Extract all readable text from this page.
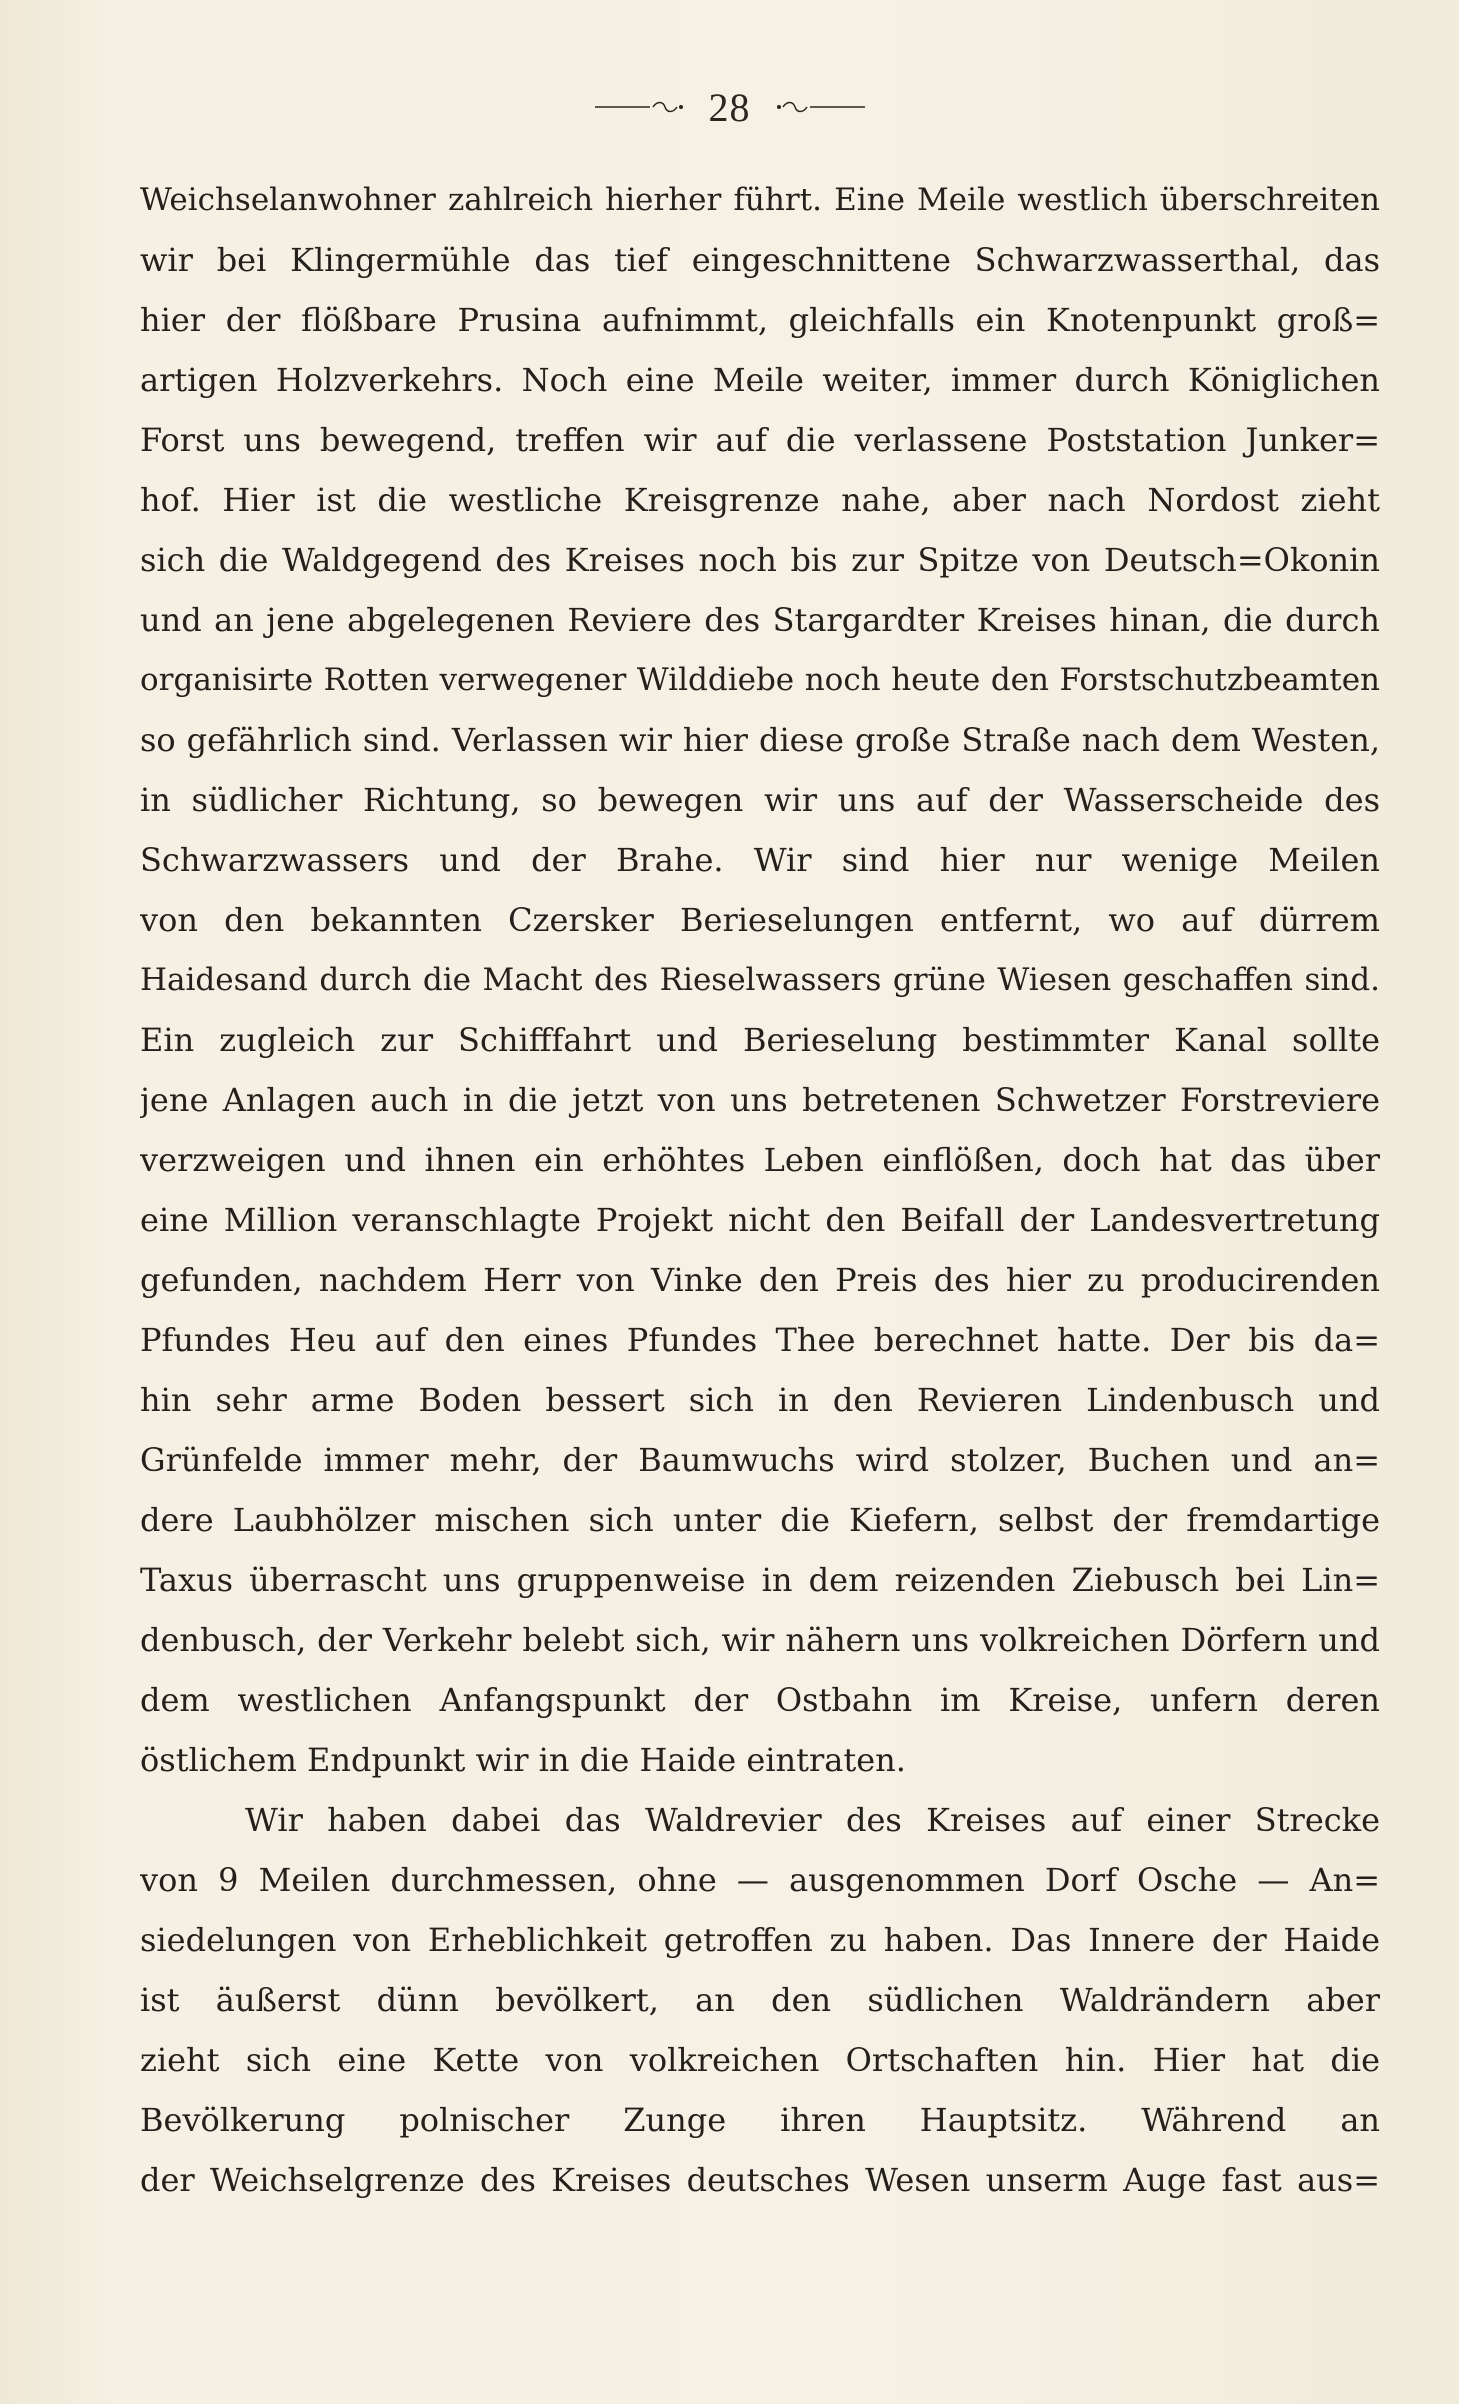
28
Weichselanwohner zahlreich hierher führt. Eine Meile westlich überschreiten
wir bei Klingermühle das tief eingeschnittene Schwarzwasserthal, das
hier der flößbare Prusina aufnimmt, gleichfalls ein Knotenpunkt groß=
artigen Holzverkehrs. Noch eine Meile weiter, immer durch Königlichen
Forst uns bewegend, treffen wir auf die verlassene Poststation Junker=
hof. Hier ist die westliche Kreisgrenze nahe, aber nach Nordost zieht
sich die Waldgegend des Kreises noch bis zur Spitze von Deutsch=Okonin
und an jene abgelegenen Reviere des Stargardter Kreises hinan, die durch
organisirte Rotten verwegener Wilddiebe noch heute den Forstschutzbeamten
so gefährlich sind. Verlassen wir hier diese große Straße nach dem Westen,
in südlicher Richtung, so bewegen wir uns auf der Wasserscheide des
Schwarzwassers und der Brahe. Wir sind hier nur wenige Meilen
von den bekannten Czersker Berieselungen entfernt, wo auf dürrem
Haidesand durch die Macht des Rieselwassers grüne Wiesen geschaffen sind.
Ein zugleich zur Schifffahrt und Berieselung bestimmter Kanal sollte
jene Anlagen auch in die jetzt von uns betretenen Schwetzer Forstreviere
verzweigen und ihnen ein erhöhtes Leben einflößen, doch hat das über
eine Million veranschlagte Projekt nicht den Beifall der Landesvertretung
gefunden, nachdem Herr von Vinke den Preis des hier zu producirenden
Pfundes Heu auf den eines Pfundes Thee berechnet hatte. Der bis da=
hin sehr arme Boden bessert sich in den Revieren Lindenbusch und
Grünfelde immer mehr, der Baumwuchs wird stolzer, Buchen und an=
dere Laubhölzer mischen sich unter die Kiefern, selbst der fremdartige
Taxus überrascht uns gruppenweise in dem reizenden Ziebusch bei Lin=
denbusch, der Verkehr belebt sich, wir nähern uns volkreichen Dörfern und
dem westlichen Anfangspunkt der Ostbahn im Kreise, unfern deren
östlichem Endpunkt wir in die Haide eintraten.
Wir haben dabei das Waldrevier des Kreises auf einer Strecke
von 9 Meilen durchmessen, ohne — ausgenommen Dorf Osche — An=
siedelungen von Erheblichkeit getroffen zu haben. Das Innere der Haide
ist äußerst dünn bevölkert, an den südlichen Waldrändern aber
zieht sich eine Kette von volkreichen Ortschaften hin. Hier hat die
Bevölkerung polnischer Zunge ihren Hauptsitz. Während an
der Weichselgrenze des Kreises deutsches Wesen unserm Auge fast aus=
